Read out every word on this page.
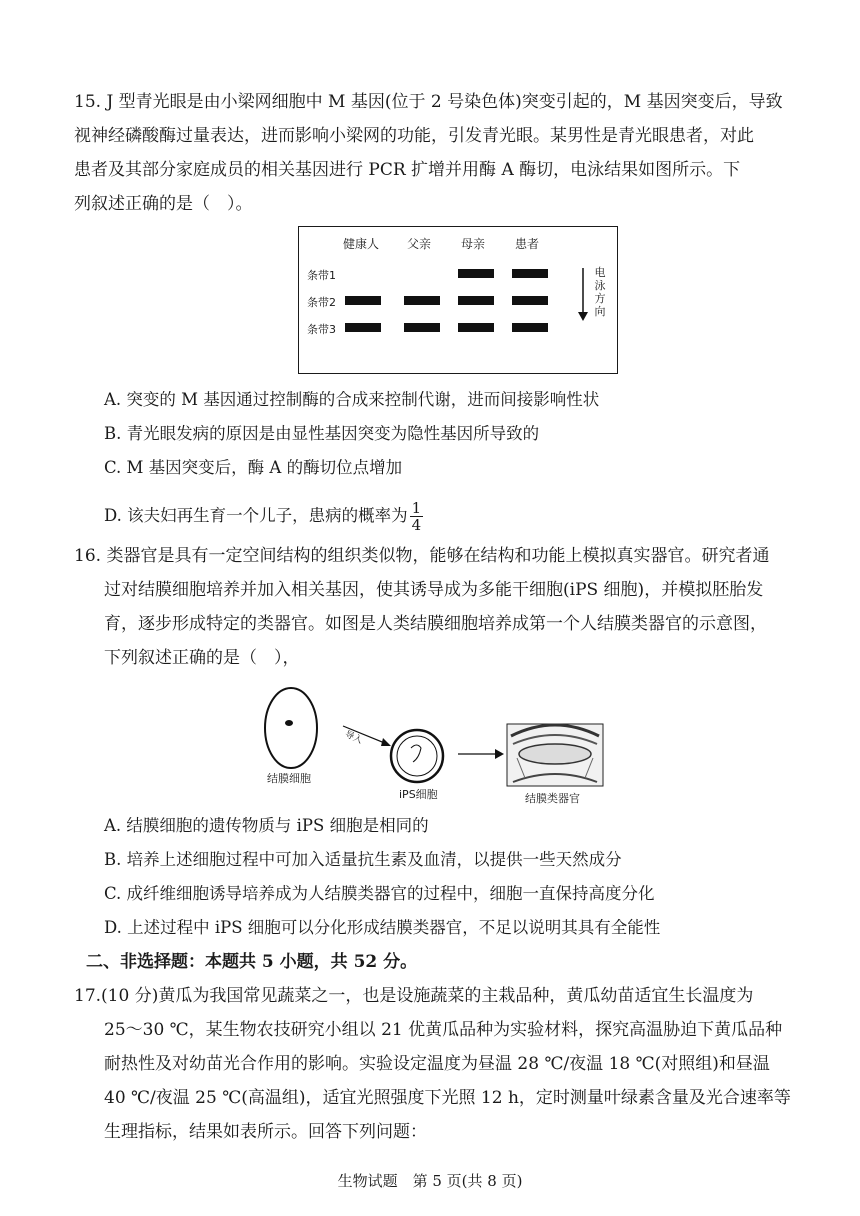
15. J 型青光眼是由小梁网细胞中 M 基因(位于 2 号染色体)突变引起的，M 基因突变后，导致
视神经磷酸酶过量表达，进而影响小梁网的功能，引发青光眼。某男性是青光眼患者，对此
患者及其部分家庭成员的相关基因进行 PCR 扩增并用酶 A 酶切，电泳结果如图所示。下
列叙述正确的是（　）。
健康人 父亲 母亲 患者
条带1
条带2
条带3
电泳方向
A. 突变的 M 基因通过控制酶的合成来控制代谢，进而间接影响性状
B. 青光眼发病的原因是由显性基因突变为隐性基因所导致的
C. M 基因突变后，酶 A 的酶切位点增加
D. 该夫妇再生育一个儿子，患病的概率为 $\frac{1}{4}$
16. 类器官是具有一定空间结构的组织类似物，能够在结构和功能上模拟真实器官。研究者通
过对结膜细胞培养并加入相关基因，使其诱导成为多能干细胞(iPS 细胞)，并模拟胚胎发
育，逐步形成特定的类器官。如图是人类结膜细胞培养成第一个人结膜类器官的示意图，
下列叙述正确的是（　），
导入
结膜细胞
iPS细胞	结膜类器官
A. 结膜细胞的遗传物质与 iPS 细胞是相同的
B. 培养上述细胞过程中可加入适量抗生素及血清，以提供一些天然成分
C. 成纤维细胞诱导培养成为人结膜类器官的过程中，细胞一直保持高度分化
D. 上述过程中 iPS 细胞可以分化形成结膜类器官，不足以说明其具有全能性
二、非选择题：本题共 5 小题，共 52 分。
17.(10 分)黄瓜为我国常见蔬菜之一，也是设施蔬菜的主栽品种，黄瓜幼苗适宜生长温度为
25～30 ℃，某生物农技研究小组以 21 优黄瓜品种为实验材料，探究高温胁迫下黄瓜品种
耐热性及对幼苗光合作用的影响。实验设定温度为昼温 28 ℃/夜温 18 ℃(对照组)和昼温
40 ℃/夜温 25 ℃(高温组)，适宜光照强度下光照 12 h，定时测量叶绿素含量及光合速率等
生理指标，结果如表所示。回答下列问题：
生物试题　第 5 页(共 8 页)
